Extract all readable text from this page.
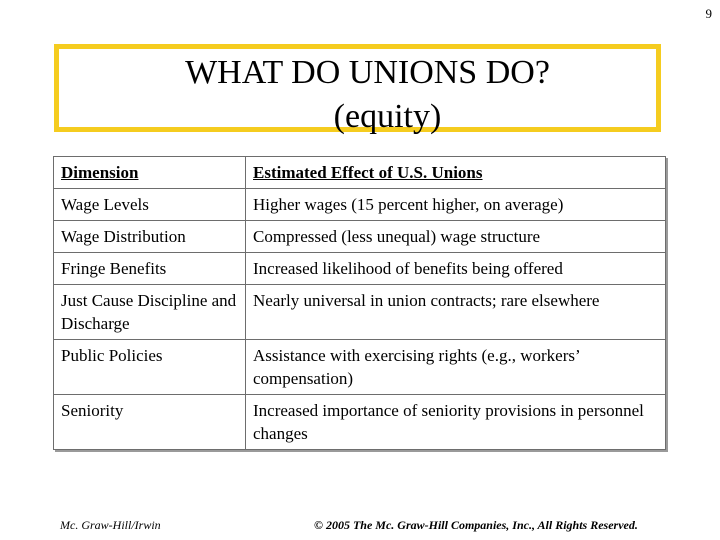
9
WHAT DO UNIONS DO?
(equity)
Dimension	Estimated Effect of U.S. Unions
Wage Levels	Higher wages (15 percent higher, on average)
Wage Distribution	Compressed (less unequal) wage structure
Fringe Benefits	Increased likelihood of benefits being offered
Just Cause Discipline and Discharge	Nearly universal in union contracts; rare elsewhere
Public Policies	Assistance with exercising rights (e.g., workers’ compensation)
Seniority	Increased importance of seniority provisions in personnel changes
Mc. Graw-Hill/Irwin	© 2005 The Mc. Graw-Hill Companies, Inc., All Rights Reserved.
